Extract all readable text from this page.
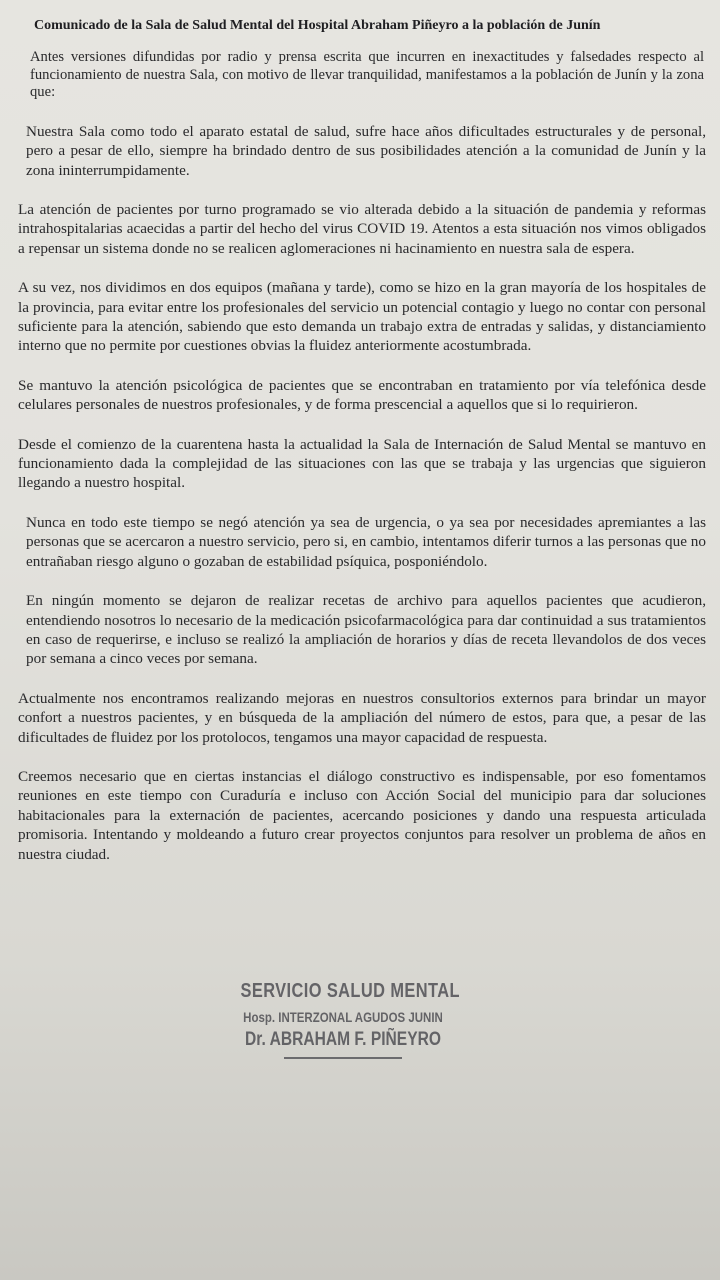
Comunicado de la Sala de Salud Mental del Hospital Abraham Piñeyro a la población de Junín

Antes versiones difundidas por radio y prensa escrita que incurren en inexactitudes y falsedades respecto al funcionamiento de nuestra Sala, con motivo de llevar tranquilidad, manifestamos a la población de Junín y la zona que:

Nuestra Sala como todo el aparato estatal de salud, sufre hace años dificultades estructurales y de personal, pero a pesar de ello, siempre ha brindado dentro de sus posibilidades atención a la comunidad de Junín y la zona ininterrumpidamente.

La atención de pacientes por turno programado se vio alterada debido a la situación de pandemia y reformas intrahospitalarias acaecidas a partir del hecho del virus COVID 19. Atentos a esta situación nos vimos obligados a repensar un sistema donde no se realicen aglomeraciones ni hacinamiento en nuestra sala de espera.

A su vez, nos dividimos en dos equipos (mañana y tarde), como se hizo en la gran mayoría de los hospitales de la provincia, para evitar entre los profesionales del servicio un potencial contagio y luego no contar con personal suficiente para la atención, sabiendo que esto demanda un trabajo extra de entradas y salidas, y distanciamiento interno que no permite por cuestiones obvias la fluidez anteriormente acostumbrada.

Se mantuvo la atención psicológica de pacientes que se encontraban en tratamiento por vía telefónica desde celulares personales de nuestros profesionales, y de forma prescencial a aquellos que si lo requirieron.

Desde el comienzo de la cuarentena hasta la actualidad la Sala de Internación de Salud Mental se mantuvo en funcionamiento dada la complejidad de las situaciones con las que se trabaja y las urgencias que siguieron llegando a nuestro hospital.

Nunca en todo este tiempo se negó atención ya sea de urgencia, o ya sea por necesidades apremiantes a las personas que se acercaron a nuestro servicio, pero si, en cambio, intentamos diferir turnos a las personas que no entrañaban riesgo alguno o gozaban de estabilidad psíquica, posponiéndolo.

En ningún momento se dejaron de realizar recetas de archivo para aquellos pacientes que acudieron, entendiendo nosotros lo necesario de la medicación psicofarmacológica para dar continuidad a sus tratamientos en caso de requerirse, e incluso se realizó la ampliación de horarios y días de receta llevandolos de dos veces por semana a cinco veces por semana.

Actualmente nos encontramos realizando mejoras en nuestros consultorios externos para brindar un mayor confort a nuestros pacientes, y en búsqueda de la ampliación del número de estos, para que, a pesar de las dificultades de fluidez por los protolocos, tengamos una mayor capacidad de respuesta.

Creemos necesario que en ciertas instancias el diálogo constructivo es indispensable, por eso fomentamos reuniones en este tiempo con Curaduría e incluso con Acción Social del municipio para dar soluciones habitacionales para la externación de pacientes, acercando posiciones y dando una respuesta articulada promisoria. Intentando y moldeando a futuro crear proyectos conjuntos para resolver un problema de años en nuestra ciudad.

SERVICIO SALUD MENTAL
Hosp. INTERZONAL AGUDOS JUNIN
Dr. ABRAHAM F. PIÑEYRO
